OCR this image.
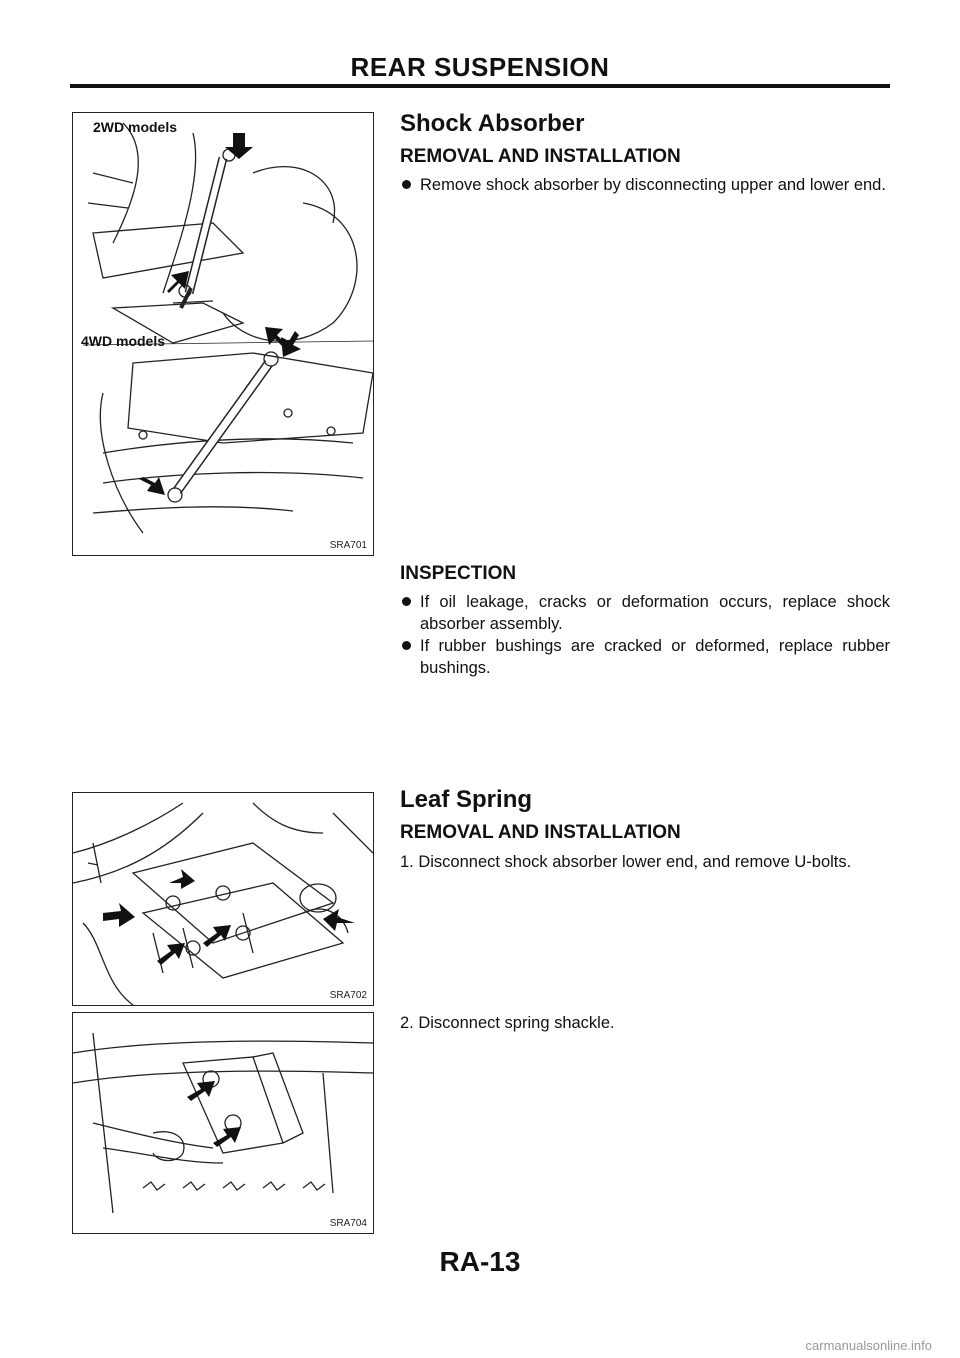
REAR SUSPENSION
2WD models
4WD models
SRA701
SRA702
SRA704
Shock Absorber
REMOVAL AND INSTALLATION
Remove shock absorber by disconnecting upper and lower end.
INSPECTION
If oil leakage, cracks or deformation occurs, replace shock absorber assembly.
If rubber bushings are cracked or deformed, replace rubber bushings.
Leaf Spring
REMOVAL AND INSTALLATION
1. Disconnect shock absorber lower end, and remove U-bolts.
2. Disconnect spring shackle.
RA-13
carmanualsonline.info
